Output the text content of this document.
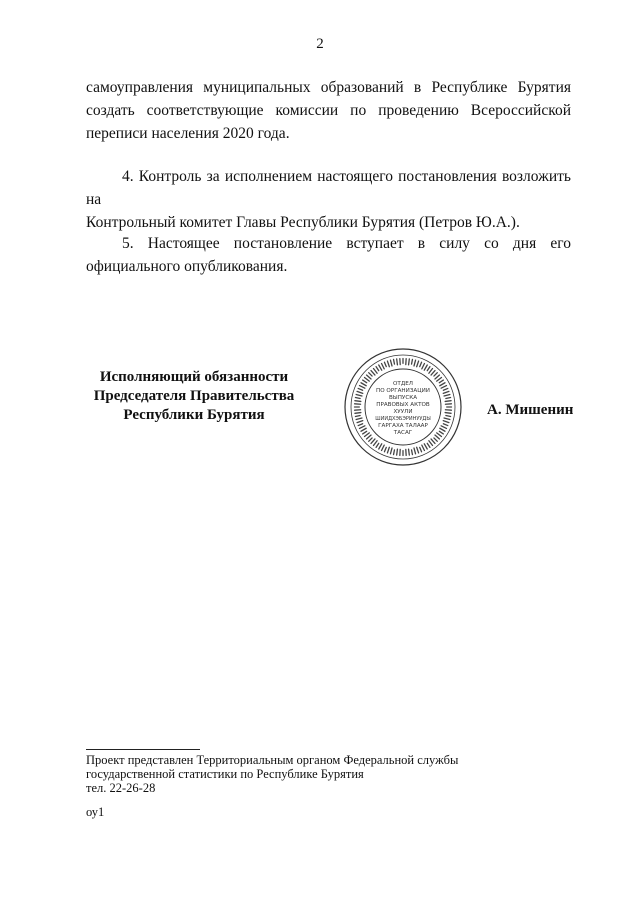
2
самоуправления муниципальных образований в Республике Бурятия
создать соответствующие комиссии по проведению Всероссийской
переписи населения 2020 года.
4. Контроль за исполнением настоящего постановления возложить на
Контрольный комитет Главы Республики Бурятия (Петров Ю.А.).
5. Настоящее постановление вступает в силу со дня его
официального опубликования.
Исполняющий обязанности
Председателя Правительства
Республики Бурятия
ОТДЕЛ
ПО ОРГАНИЗАЦИИ
ВЫПУСКА
ПРАВОВЫХ АКТОВ
ХУУЛИ
ШИИДХЭБЭРИНУУДЫ
ГАРГАХА ТАЛААР
ТАСАГ
А. Мишенин
Проект представлен Территориальным органом Федеральной службы
государственной статистики по Республике Бурятия
тел. 22-26-28
оу1
